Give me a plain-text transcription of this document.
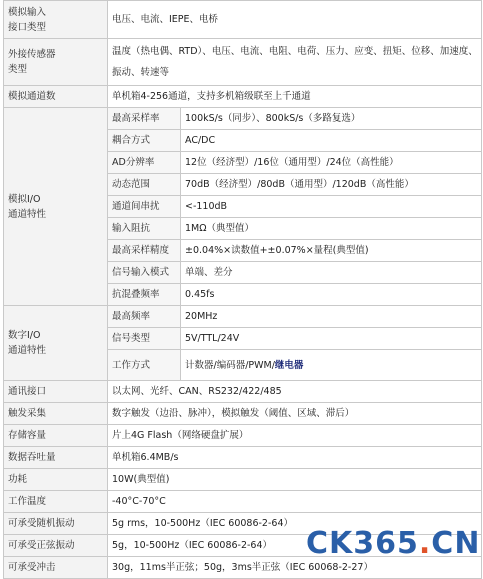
模拟输入
接口类型	电压、电流、IEPE、电桥	
外接传感器
类型	温度（热电偶、RTD）、电压、电流、电阻、电荷、压力、应变、扭矩、位移、加速度、振动、转速等	
模拟通道数	单机箱4-256通道，支持多机箱级联至上千通道	
模拟I/O
通道特性	最高采样率	100kS/s（同步）、800kS/s（多路复选）
	耦合方式	AC/DC
	AD分辨率	12位（经济型）/16位（通用型）/24位（高性能）
	动态范围	70dB（经济型）/80dB（通用型）/120dB（高性能）
	通道间串扰	<-110dB
	输入阻抗	1MΩ（典型值）
	最高采样精度	±0.04%×读数值+±0.07%×量程(典型值)
	信号输入模式	单端、差分
	抗混叠频率	0.45fs
数字I/O
通道特性	最高频率	20MHz
	信号类型	5V/TTL/24V
	工作方式	计数器/编码器/PWM/继电器
通讯接口	以太网、光纤、CAN、RS232/422/485	
触发采集	数字触发（边沿、脉冲），模拟触发（阈值、区域、滞后）	
存储容量	片上4G Flash（网络硬盘扩展）	
数据吞吐量	单机箱6.4MB/s	
功耗	10W(典型值)	
工作温度	-40°C-70°C	
可承受随机振动	5g rms，10-500Hz（IEC 60086-2-64）	
可承受正弦振动	5g，10-500Hz（IEC 60086-2-64）	
可承受冲击	30g，11ms半正弦；50g，3ms半正弦（IEC 60068-2-27）	
CK365.CN
